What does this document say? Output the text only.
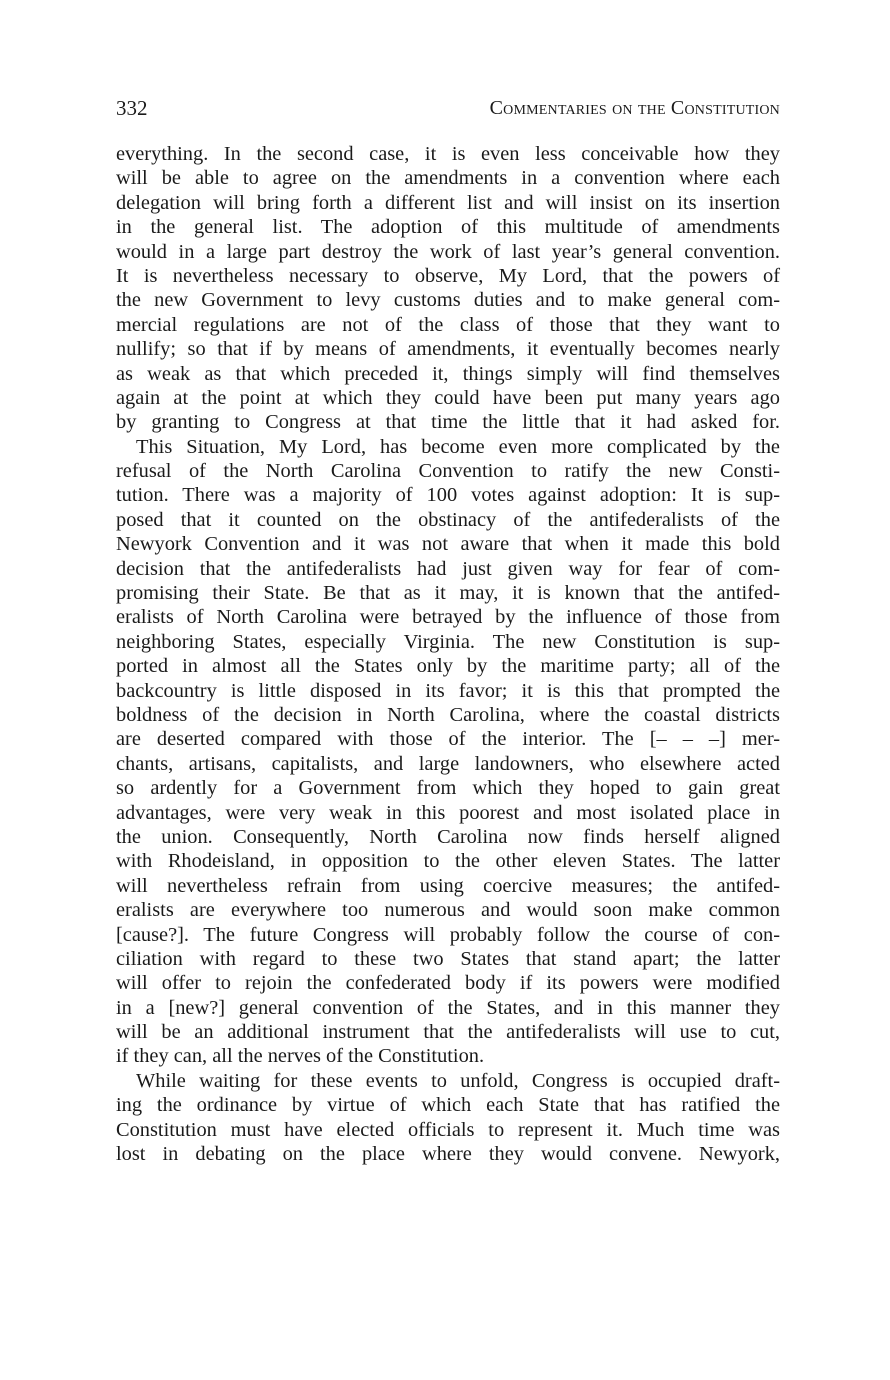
332	Commentaries on the Constitution
everything. In the second case, it is even less conceivable how they
will be able to agree on the amendments in a convention where each
delegation will bring forth a different list and will insist on its insertion
in the general list. The adoption of this multitude of amendments
would in a large part destroy the work of last year’s general convention.
It is nevertheless necessary to observe, My Lord, that the powers of
the new Government to levy customs duties and to make general com-
mercial regulations are not of the class of those that they want to
nullify; so that if by means of amendments, it eventually becomes nearly
as weak as that which preceded it, things simply will find themselves
again at the point at which they could have been put many years ago
by granting to Congress at that time the little that it had asked for.
This Situation, My Lord, has become even more complicated by the
refusal of the North Carolina Convention to ratify the new Consti-
tution. There was a majority of 100 votes against adoption: It is sup-
posed that it counted on the obstinacy of the antifederalists of the
Newyork Convention and it was not aware that when it made this bold
decision that the antifederalists had just given way for fear of com-
promising their State. Be that as it may, it is known that the antifed-
eralists of North Carolina were betrayed by the influence of those from
neighboring States, especially Virginia. The new Constitution is sup-
ported in almost all the States only by the maritime party; all of the
backcountry is little disposed in its favor; it is this that prompted the
boldness of the decision in North Carolina, where the coastal districts
are deserted compared with those of the interior. The [– – –] mer-
chants, artisans, capitalists, and large landowners, who elsewhere acted
so ardently for a Government from which they hoped to gain great
advantages, were very weak in this poorest and most isolated place in
the union. Consequently, North Carolina now finds herself aligned
with Rhodeisland, in opposition to the other eleven States. The latter
will nevertheless refrain from using coercive measures; the antifed-
eralists are everywhere too numerous and would soon make common
[cause?]. The future Congress will probably follow the course of con-
ciliation with regard to these two States that stand apart; the latter
will offer to rejoin the confederated body if its powers were modified
in a [new?] general convention of the States, and in this manner they
will be an additional instrument that the antifederalists will use to cut,
if they can, all the nerves of the Constitution.
While waiting for these events to unfold, Congress is occupied draft-
ing the ordinance by virtue of which each State that has ratified the
Constitution must have elected officials to represent it. Much time was
lost in debating on the place where they would convene. Newyork,
